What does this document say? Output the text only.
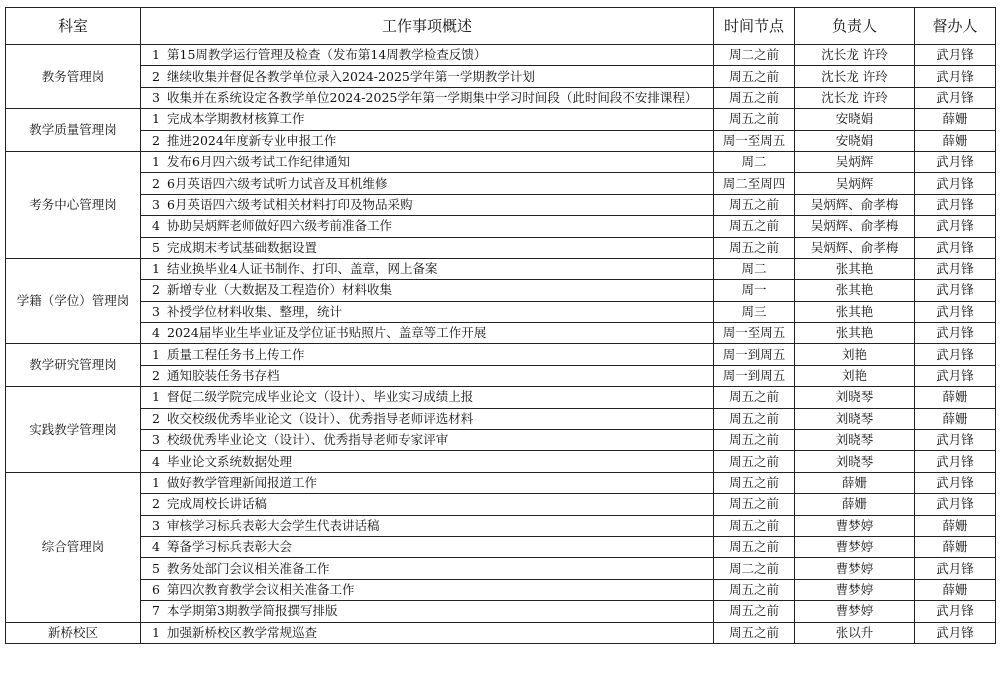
科室	工作事项概述	时间节点	负责人	督办人
教务管理岗	1 第15周教学运行管理及检查（发布第14周教学检查反馈）	周二之前	沈长龙 许玲	武月锋

	2 继续收集并督促各教学单位录入2024-2025学年第一学期教学计划	周五之前	沈长龙 许玲	武月锋

	3 收集并在系统设定各教学单位2024-2025学年第一学期集中学习时间段（此时间段不安排课程）	周五之前	沈长龙 许玲	武月锋
教学质量管理岗	1 完成本学期教材核算工作	周五之前	安晓娟	薛姗

	2 推进2024年度新专业申报工作	周一至周五	安晓娟	薛姗
考务中心管理岗	1 发布6月四六级考试工作纪律通知	周二	吴炳辉	武月锋

	2 6月英语四六级考试听力试音及耳机维修	周二至周四	吴炳辉	武月锋

	3 6月英语四六级考试相关材料打印及物品采购	周五之前	吴炳辉、俞孝梅	武月锋

	4 协助吴炳辉老师做好四六级考前准备工作	周五之前	吴炳辉、俞孝梅	武月锋

	5 完成期末考试基础数据设置	周五之前	吴炳辉、俞孝梅	武月锋
学籍（学位）管理岗	1 结业换毕业4人证书制作、打印、盖章，网上备案	周二	张其艳	武月锋

	2 新增专业（大数据及工程造价）材料收集	周一	张其艳	武月锋

	3 补授学位材料收集、整理，统计	周三	张其艳	武月锋

	4 2024届毕业生毕业证及学位证书贴照片、盖章等工作开展	周一至周五	张其艳	武月锋
教学研究管理岗	1 质量工程任务书上传工作	周一到周五	刘艳	武月锋

	2 通知胶装任务书存档	周一到周五	刘艳	武月锋
实践教学管理岗	1 督促二级学院完成毕业论文（设计）、毕业实习成绩上报	周五之前	刘晓琴	薛姗

	2 收交校级优秀毕业论文（设计）、优秀指导老师评选材料	周五之前	刘晓琴	薛姗

	3 校级优秀毕业论文（设计）、优秀指导老师专家评审	周五之前	刘晓琴	武月锋

	4 毕业论文系统数据处理	周五之前	刘晓琴	武月锋
综合管理岗	1 做好教学管理新闻报道工作	周五之前	薛姗	武月锋

	2 完成周校长讲话稿	周五之前	薛姗	武月锋

	3 审核学习标兵表彰大会学生代表讲话稿	周五之前	曹梦婷	薛姗

	4 筹备学习标兵表彰大会	周五之前	曹梦婷	薛姗

	5 教务处部门会议相关准备工作	周二之前	曹梦婷	武月锋

	6 第四次教育教学会议相关准备工作	周五之前	曹梦婷	薛姗

	7 本学期第3期教学简报撰写排版	周五之前	曹梦婷	武月锋
新桥校区	1 加强新桥校区教学常规巡查	周五之前	张以升	武月锋
